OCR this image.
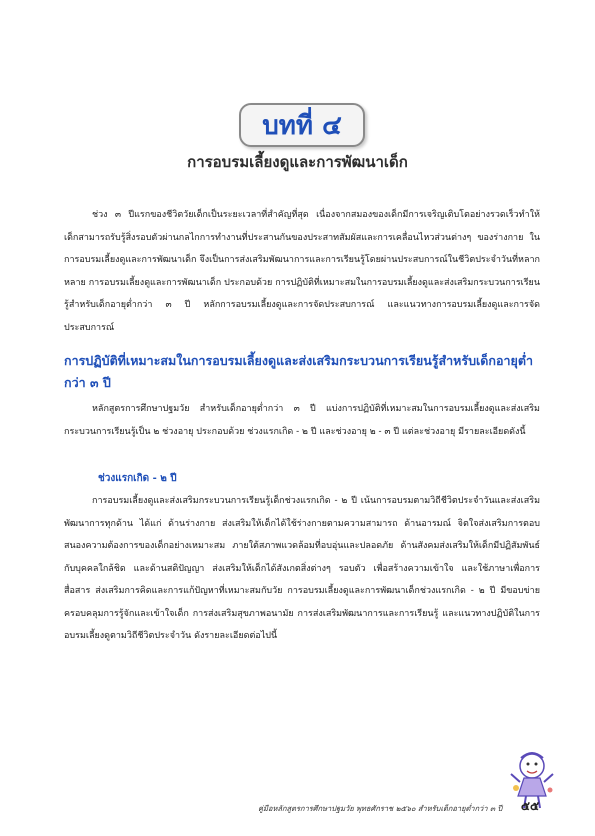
บทที่ ๔
การอบรมเลี้ยงดูและการพัฒนาเด็ก

ช่วง ๓ ปีแรกของชีวิตวัยเด็กเป็นระยะเวลาที่สำคัญที่สุด เนื่องจากสมองของเด็กมีการเจริญเติบโตอย่างรวดเร็วทำให้เด็กสามารถรับรู้สิ่งรอบตัวผ่านกลไกการทำงานที่ประสานกันของประสาทสัมผัสและการเคลื่อนไหวส่วนต่างๆ ของร่างกาย ในการอบรมเลี้ยงดูและการพัฒนาเด็ก จึงเป็นการส่งเสริมพัฒนาการและการเรียนรู้โดยผ่านประสบการณ์ในชีวิตประจำวันที่หลากหลาย การอบรมเลี้ยงดูและการพัฒนาเด็ก ประกอบด้วย การปฏิบัติที่เหมาะสมในการอบรมเลี้ยงดูและส่งเสริมกระบวนการเรียนรู้สำหรับเด็กอายุต่ำกว่า ๓ ปี หลักการอบรมเลี้ยงดูและการจัดประสบการณ์ และแนวทางการอบรมเลี้ยงดูและการจัดประสบการณ์

การปฏิบัติที่เหมาะสมในการอบรมเลี้ยงดูและส่งเสริมกระบวนการเรียนรู้สำหรับเด็กอายุต่ำกว่า ๓ ปี

หลักสูตรการศึกษาปฐมวัย สำหรับเด็กอายุต่ำกว่า ๓ ปี แบ่งการปฏิบัติที่เหมาะสมในการอบรมเลี้ยงดูและส่งเสริมกระบวนการเรียนรู้เป็น ๒ ช่วงอายุ ประกอบด้วย ช่วงแรกเกิด - ๒ ปี และช่วงอายุ ๒ - ๓ ปี แต่ละช่วงอายุ มีรายละเอียดดังนี้

ช่วงแรกเกิด - ๒ ปี

การอบรมเลี้ยงดูและส่งเสริมกระบวนการเรียนรู้เด็กช่วงแรกเกิด - ๒ ปี เน้นการอบรมตามวิถีชีวิตประจำวันและส่งเสริมพัฒนาการทุกด้าน ได้แก่ ด้านร่างกาย ส่งเสริมให้เด็กได้ใช้ร่างกายตามความสามารถ ด้านอารมณ์ จิตใจส่งเสริมการตอบสนองความต้องการของเด็กอย่างเหมาะสม ภายใต้สภาพแวดล้อมที่อบอุ่นและปลอดภัย ด้านสังคมส่งเสริมให้เด็กมีปฏิสัมพันธ์กับบุคคลใกล้ชิด และด้านสติปัญญา ส่งเสริมให้เด็กได้สังเกตสิ่งต่างๆ รอบตัว เพื่อสร้างความเข้าใจ และใช้ภาษาเพื่อการสื่อสาร ส่งเสริมการคิดและการแก้ปัญหาที่เหมาะสมกับวัย การอบรมเลี้ยงดูและการพัฒนาเด็กช่วงแรกเกิด - ๒ ปี มีขอบข่ายครอบคลุมการรู้จักและเข้าใจเด็ก การส่งเสริมสุขภาพอนามัย การส่งเสริมพัฒนาการและการเรียนรู้ และแนวทางปฏิบัติในการอบรมเลี้ยงดูตามวิถีชีวิตประจำวัน ดังรายละเอียดต่อไปนี้

คู่มือหลักสูตรการศึกษาปฐมวัย พุทธศักราช ๒๕๖๐ สำหรับเด็กอายุต่ำกว่า ๓ ปี	๕๕
